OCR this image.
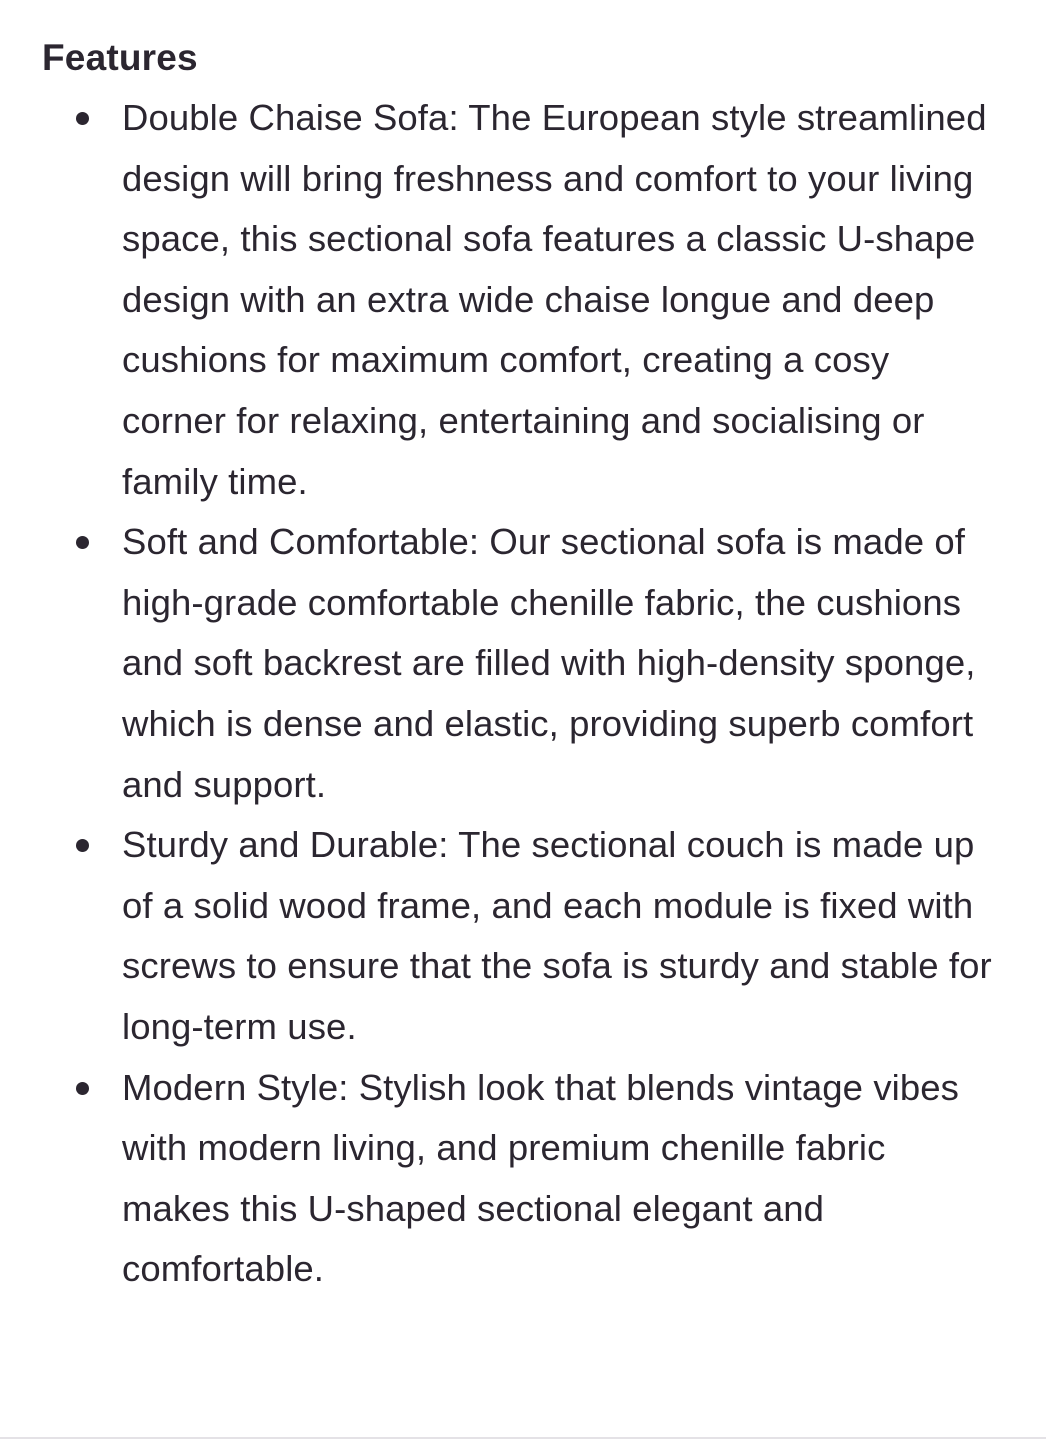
Features
Double Chaise Sofa: The European style streamlined design will bring freshness and comfort to your living space, this sectional sofa features a classic U-shape design with an extra wide chaise longue and deep cushions for maximum comfort, creating a cosy corner for relaxing, entertaining and socialising or family time.
Soft and Comfortable: Our sectional sofa is made of high-grade comfortable chenille fabric, the cushions and soft backrest are filled with high-density sponge, which is dense and elastic, providing superb comfort and support.
Sturdy and Durable: The sectional couch is made up of a solid wood frame, and each module is fixed with screws to ensure that the sofa is sturdy and stable for long-term use.
Modern Style: Stylish look that blends vintage vibes with modern living, and premium chenille fabric makes this U-shaped sectional elegant and comfortable.
